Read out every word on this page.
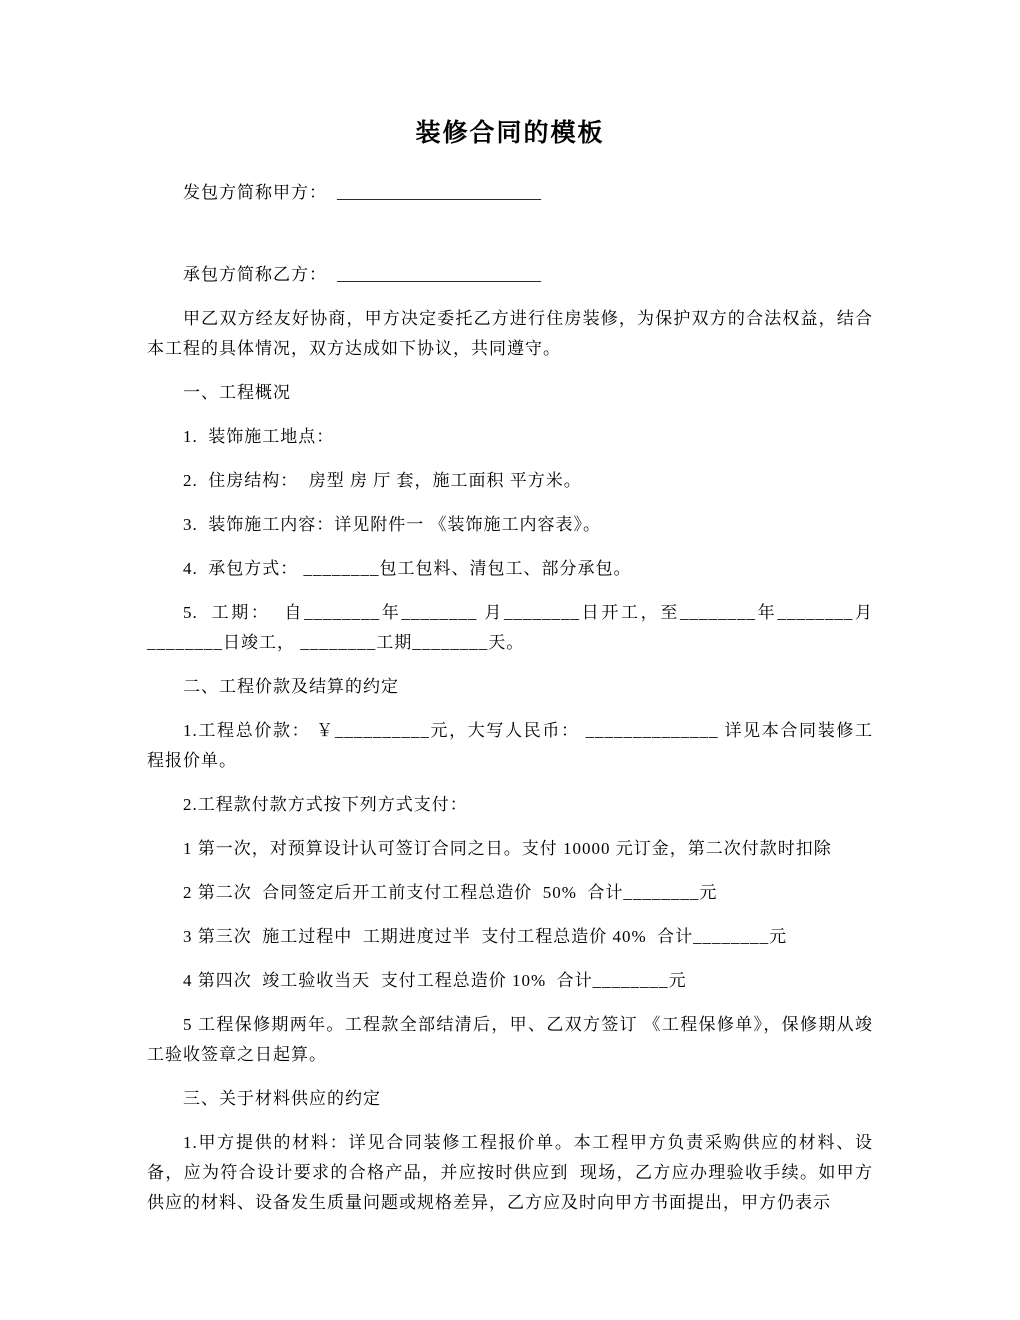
装修合同的模板

发包方简称甲方： ________________________

承包方简称乙方： ________________________

甲乙双方经友好协商，甲方决定委托乙方进行住房装修，为保护双方的合法权益，结合本工程的具体情况，双方达成如下协议，共同遵守。

一、工程概况

1.  装饰施工地点：

2.  住房结构：  房型 房 厅 套，施工面积 平方米。

3.  装饰施工内容：详见附件一 《装饰施工内容表》。

4.  承包方式： ________包工包料、清包工、部分承包。

5.  工期：  自________年________ 月________日开工，至________年________月________日竣工， ________工期________天。

二、工程价款及结算的约定

1.工程总价款： ￥__________元，大写人民币： ______________ 详见本合同装修工程报价单。

2.工程款付款方式按下列方式支付：

1 第一次，对预算设计认可签订合同之日。支付 10000 元订金，第二次付款时扣除

2 第二次  合同签定后开工前支付工程总造价  50%  合计________元

3 第三次  施工过程中  工期进度过半  支付工程总造价 40%  合计________元

4 第四次  竣工验收当天  支付工程总造价 10%  合计________元

5 工程保修期两年。工程款全部结清后，甲、乙双方签订 《工程保修单》，保修期从竣工验收签章之日起算。

三、关于材料供应的约定

1.甲方提供的材料：详见合同装修工程报价单。本工程甲方负责采购供应的材料、设备，应为符合设计要求的合格产品，并应按时供应到  现场，乙方应办理验收手续。如甲方供应的材料、设备发生质量问题或规格差异，乙方应及时向甲方书面提出，甲方仍表示
